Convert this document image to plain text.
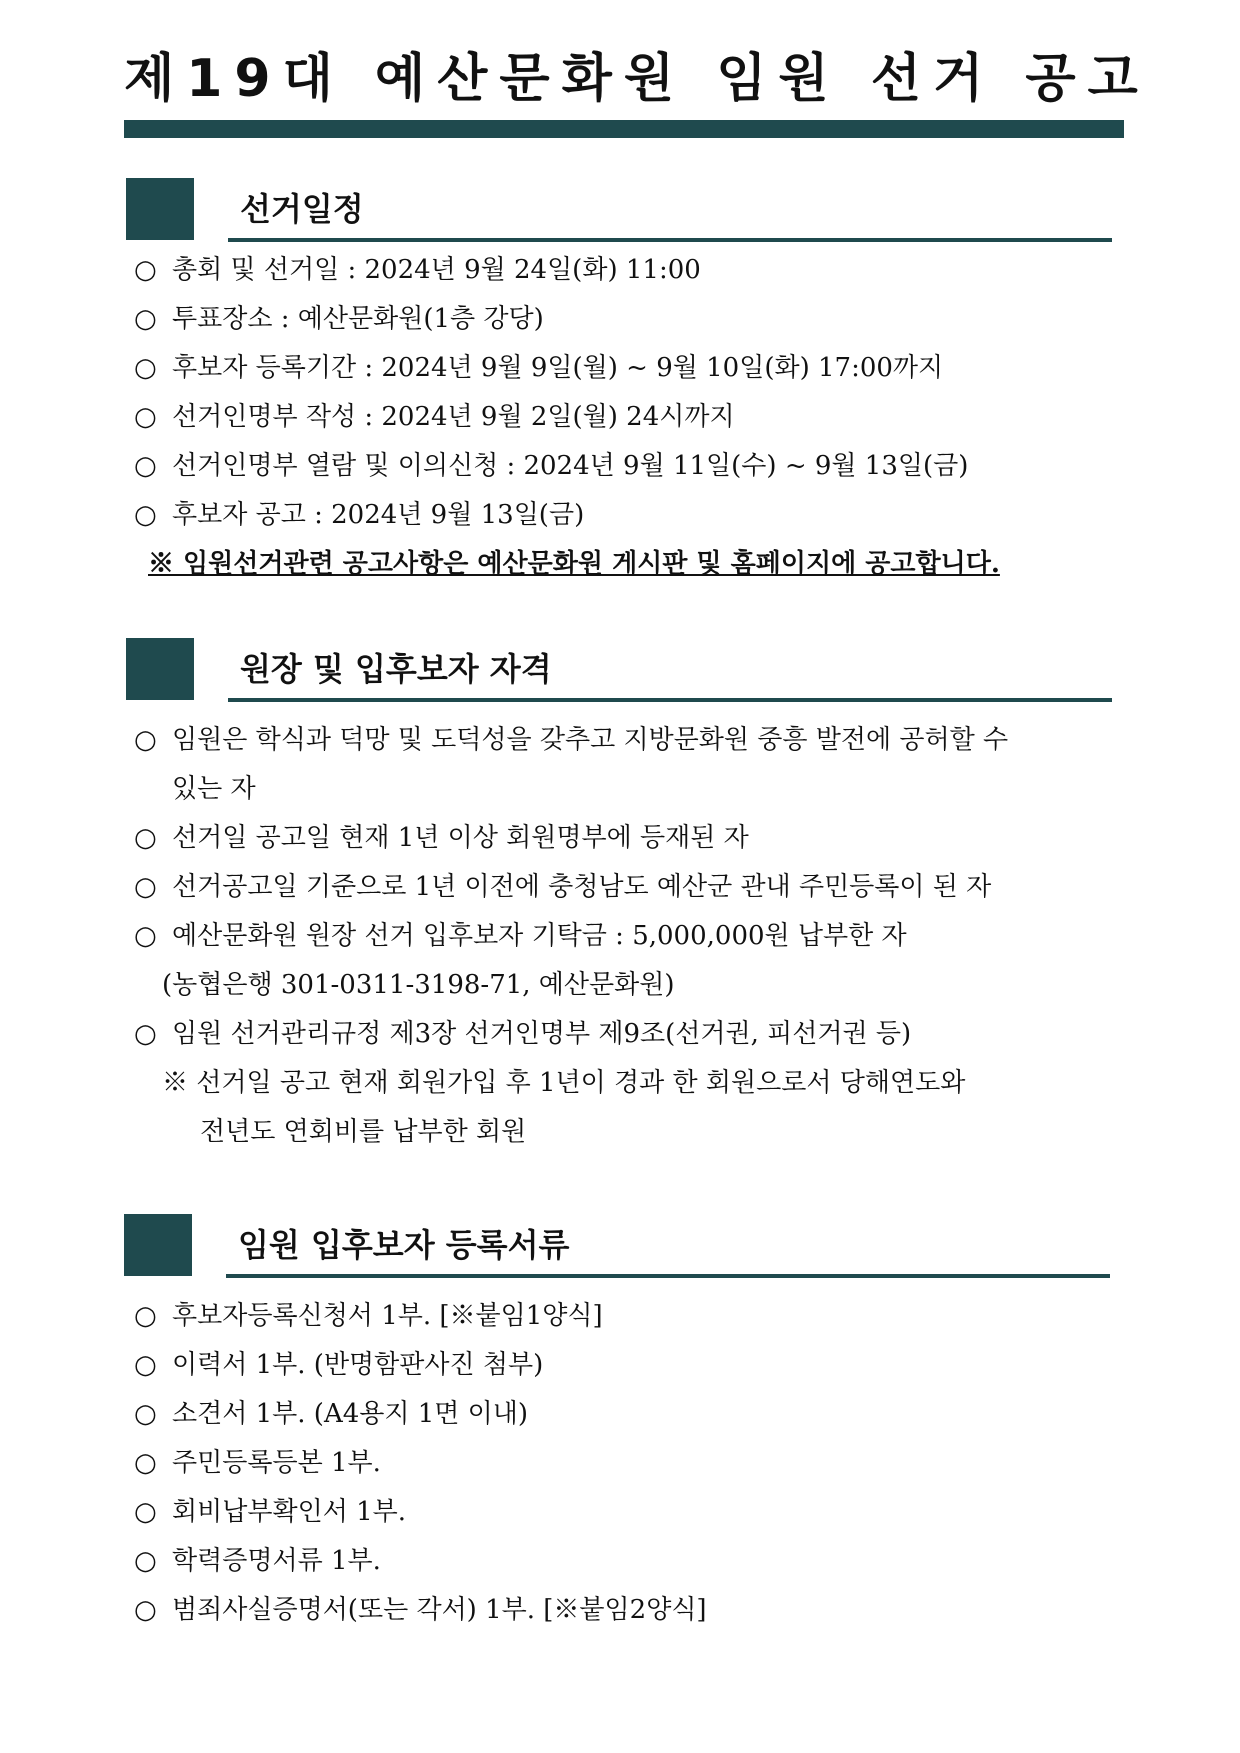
제19대 예산문화원 임원 선거 공고
선거일정
○ 총회 및 선거일 : 2024년 9월 24일(화) 11:00
○ 투표장소 : 예산문화원(1층 강당)
○ 후보자 등록기간 : 2024년 9월 9일(월) ~ 9월 10일(화) 17:00까지
○ 선거인명부 작성 : 2024년 9월 2일(월) 24시까지
○ 선거인명부 열람 및 이의신청 : 2024년 9월 11일(수) ~ 9월 13일(금)
○ 후보자 공고 : 2024년 9월 13일(금)
※ 임원선거관련 공고사항은 예산문화원 게시판 및 홈페이지에 공고합니다.
원장 및 입후보자 자격
○ 임원은 학식과 덕망 및 도덕성을 갖추고 지방문화원 중흥 발전에 공허할 수
있는 자
○ 선거일 공고일 현재 1년 이상 회원명부에 등재된 자
○ 선거공고일 기준으로 1년 이전에 충청남도 예산군 관내 주민등록이 된 자
○ 예산문화원 원장 선거 입후보자 기탁금 : 5,000,000원 납부한 자
(농협은행 301-0311-3198-71, 예산문화원)
○ 임원 선거관리규정 제3장 선거인명부 제9조(선거권, 피선거권 등)
※ 선거일 공고 현재 회원가입 후 1년이 경과 한 회원으로서 당해연도와
전년도 연회비를 납부한 회원
임원 입후보자 등록서류
○ 후보자등록신청서 1부. [※붙임1양식]
○ 이력서 1부. (반명함판사진 첨부)
○ 소견서 1부. (A4용지 1면 이내)
○ 주민등록등본 1부.
○ 회비납부확인서 1부.
○ 학력증명서류 1부.
○ 범죄사실증명서(또는 각서) 1부. [※붙임2양식]
